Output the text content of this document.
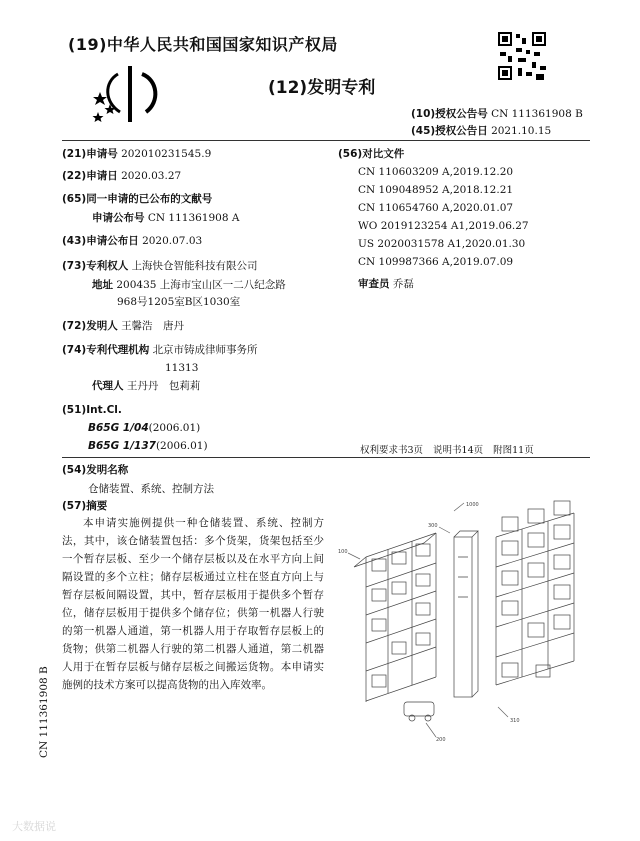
(19)中华人民共和国国家知识产权局
(12)发明专利
(10)授权公告号 CN 111361908 B
(45)授权公告日 2021.10.15
(21)申请号 202010231545.9
(22)申请日 2020.03.27
(65)同一申请的已公布的文献号
申请公布号 CN 111361908 A
(43)申请公布日 2020.07.03
(73)专利权人 上海快仓智能科技有限公司
地址 200435 上海市宝山区一二八纪念路
968号1205室B区1030室
(72)发明人 王馨浩　唐丹
(74)专利代理机构 北京市铸成律师事务所
11313
代理人 王丹丹　包莉莉
(51)Int.Cl.
B65G 1/04(2006.01)
B65G 1/137(2006.01)
(56)对比文件
CN 110603209 A,2019.12.20
CN 109048952 A,2018.12.21
CN 110654760 A,2020.01.07
WO 2019123254 A1,2019.06.27
US 2020031578 A1,2020.01.30
CN 109987366 A,2019.07.09
审查员 乔磊
权利要求书3页 说明书14页 附图11页
(54)发明名称
仓储装置、系统、控制方法
(57)摘要
本申请实施例提供一种仓储装置、系统、控制方法，其中，该仓储装置包括：多个货架，货架包括至少一个暂存层板、至少一个储存层板以及在水平方向上间隔设置的多个立柱；储存层板通过立柱在竖直方向上与暂存层板间隔设置，其中，暂存层板用于提供多个暂存位，储存层板用于提供多个储存位；供第一机器人行驶的第一机器人通道，第一机器人用于存取暂存层板上的货物；供第二机器人行驶的第二机器人通道，第二机器人用于在暂存层板与储存层板之间搬运货物。本申请实施例的技术方案可以提高货物的出入库效率。
1000
300
100
310
200
CN 111361908 B
大数据说
